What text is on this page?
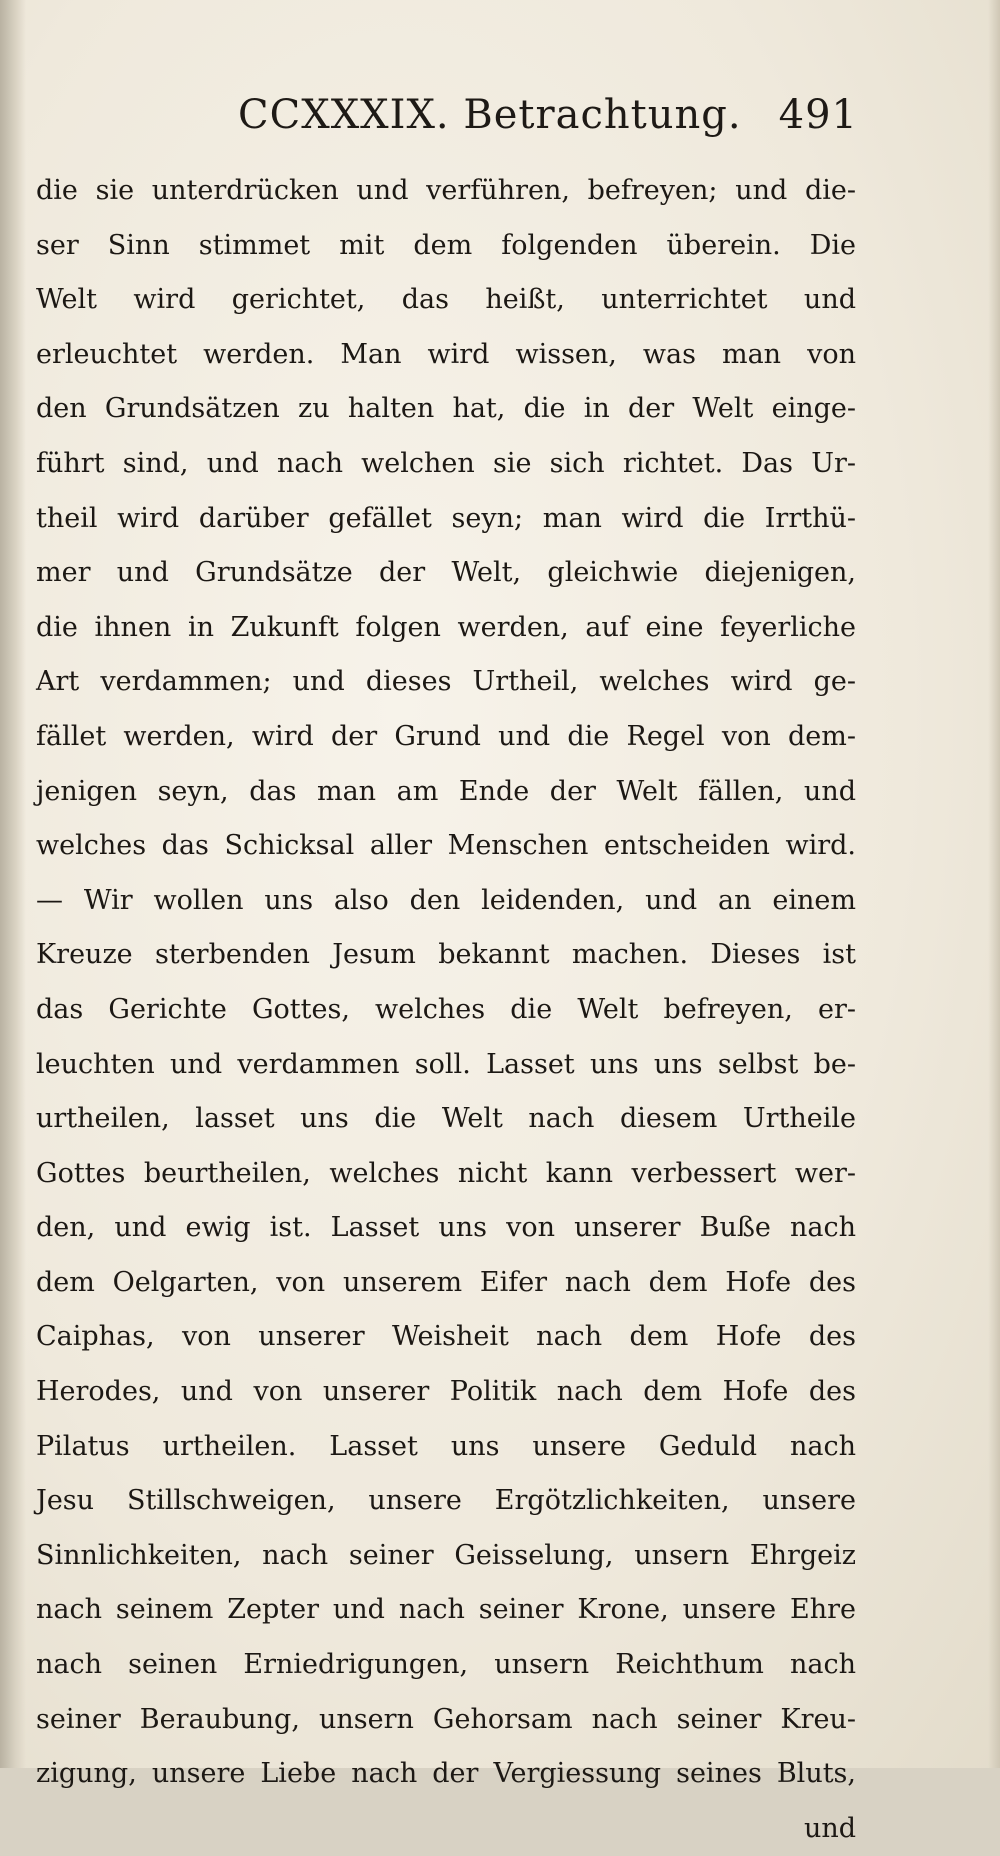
CCXXXIX. Betrachtung. 491
die sie unterdrücken und verführen, befreyen; und die-
ser Sinn stimmet mit dem folgenden überein. Die
Welt wird gerichtet, das heißt, unterrichtet und
erleuchtet werden. Man wird wissen, was man von
den Grundsätzen zu halten hat, die in der Welt einge-
führt sind, und nach welchen sie sich richtet. Das Ur-
theil wird darüber gefället seyn; man wird die Irrthü-
mer und Grundsätze der Welt, gleichwie diejenigen,
die ihnen in Zukunft folgen werden, auf eine feyerliche
Art verdammen; und dieses Urtheil, welches wird ge-
fället werden, wird der Grund und die Regel von dem-
jenigen seyn, das man am Ende der Welt fällen, und
welches das Schicksal aller Menschen entscheiden wird.
— Wir wollen uns also den leidenden, und an einem
Kreuze sterbenden Jesum bekannt machen. Dieses ist
das Gerichte Gottes, welches die Welt befreyen, er-
leuchten und verdammen soll. Lasset uns uns selbst be-
urtheilen, lasset uns die Welt nach diesem Urtheile
Gottes beurtheilen, welches nicht kann verbessert wer-
den, und ewig ist. Lasset uns von unserer Buße nach
dem Oelgarten, von unserem Eifer nach dem Hofe des
Caiphas, von unserer Weisheit nach dem Hofe des
Herodes, und von unserer Politik nach dem Hofe des
Pilatus urtheilen. Lasset uns unsere Geduld nach
Jesu Stillschweigen, unsere Ergötzlichkeiten, unsere
Sinnlichkeiten, nach seiner Geisselung, unsern Ehrgeiz
nach seinem Zepter und nach seiner Krone, unsere Ehre
nach seinen Erniedrigungen, unsern Reichthum nach
seiner Beraubung, unsern Gehorsam nach seiner Kreu-
zigung, unsere Liebe nach der Vergiessung seines Bluts,
und
